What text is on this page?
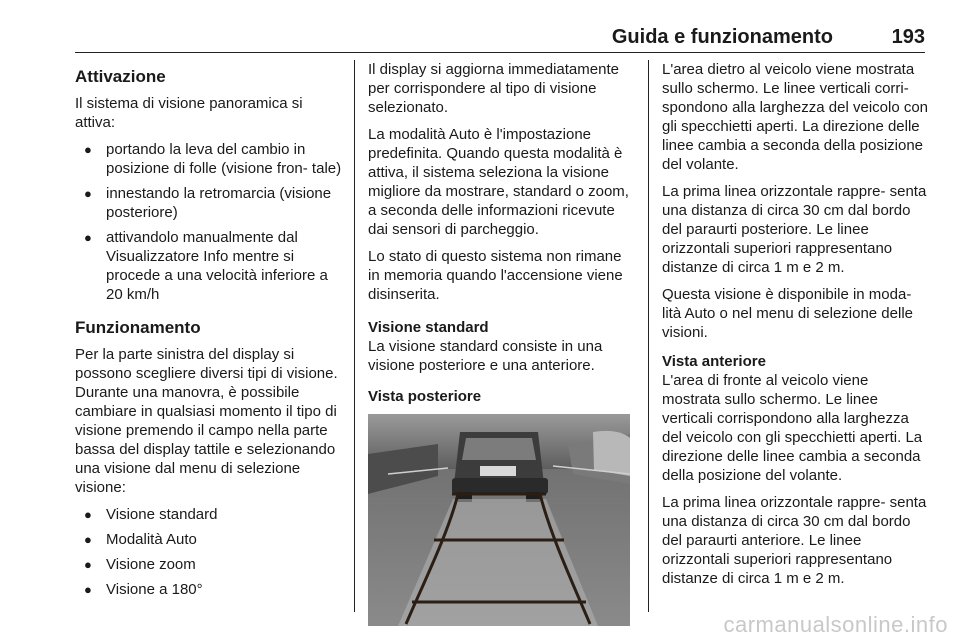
Guida e funzionamento	193
Attivazione

Il sistema di visione panoramica si attiva:

● portando la leva del cambio in posizione di folle (visione fron- tale)
● innestando la retromarcia (visione posteriore)
● attivandolo manualmente dal Visualizzatore Info mentre si procede a una velocità inferiore a 20 km/h
Funzionamento

Per la parte sinistra del display si possono scegliere diversi tipi di visione. Durante una manovra, è possibile cambiare in qualsiasi momento il tipo di visione premendo il campo nella parte bassa del display tattile e selezionando una visione dal menu di selezione visione:

● Visione standard
● Modalità Auto
● Visione zoom
● Visione a 180°

Il display si aggiorna immediatamente per corrispondere al tipo di visione selezionato.

La modalità Auto è l'impostazione predefinita. Quando questa modalità è attiva, il sistema seleziona la visione migliore da mostrare, standard o zoom, a seconda delle informazioni ricevute dai sensori di parcheggio.

Lo stato di questo sistema non rimane in memoria quando l'accensione viene disinserita.

Visione standard

La visione standard consiste in una visione posteriore e una anteriore.

Vista posteriore

L'area dietro al veicolo viene mostrata sullo schermo. Le linee verticali corri- spondono alla larghezza del veicolo con gli specchietti aperti. La direzione delle linee cambia a seconda della posizione del volante.

La prima linea orizzontale rappre- senta una distanza di circa 30 cm dal bordo del paraurti posteriore. Le linee orizzontali superiori rappresentano distanze di circa 1 m e 2 m.

Questa visione è disponibile in moda- lità Auto o nel menu di selezione delle visioni.

Vista anteriore

L'area di fronte al veicolo viene mostrata sullo schermo. Le linee verticali corrispondono alla larghezza del veicolo con gli specchietti aperti. La direzione delle linee cambia a seconda della posizione del volante.

La prima linea orizzontale rappre- senta una distanza di circa 30 cm dal bordo del paraurti anteriore. Le linee orizzontali superiori rappresentano distanze di circa 1 m e 2 m.

carmanualsonline.info
